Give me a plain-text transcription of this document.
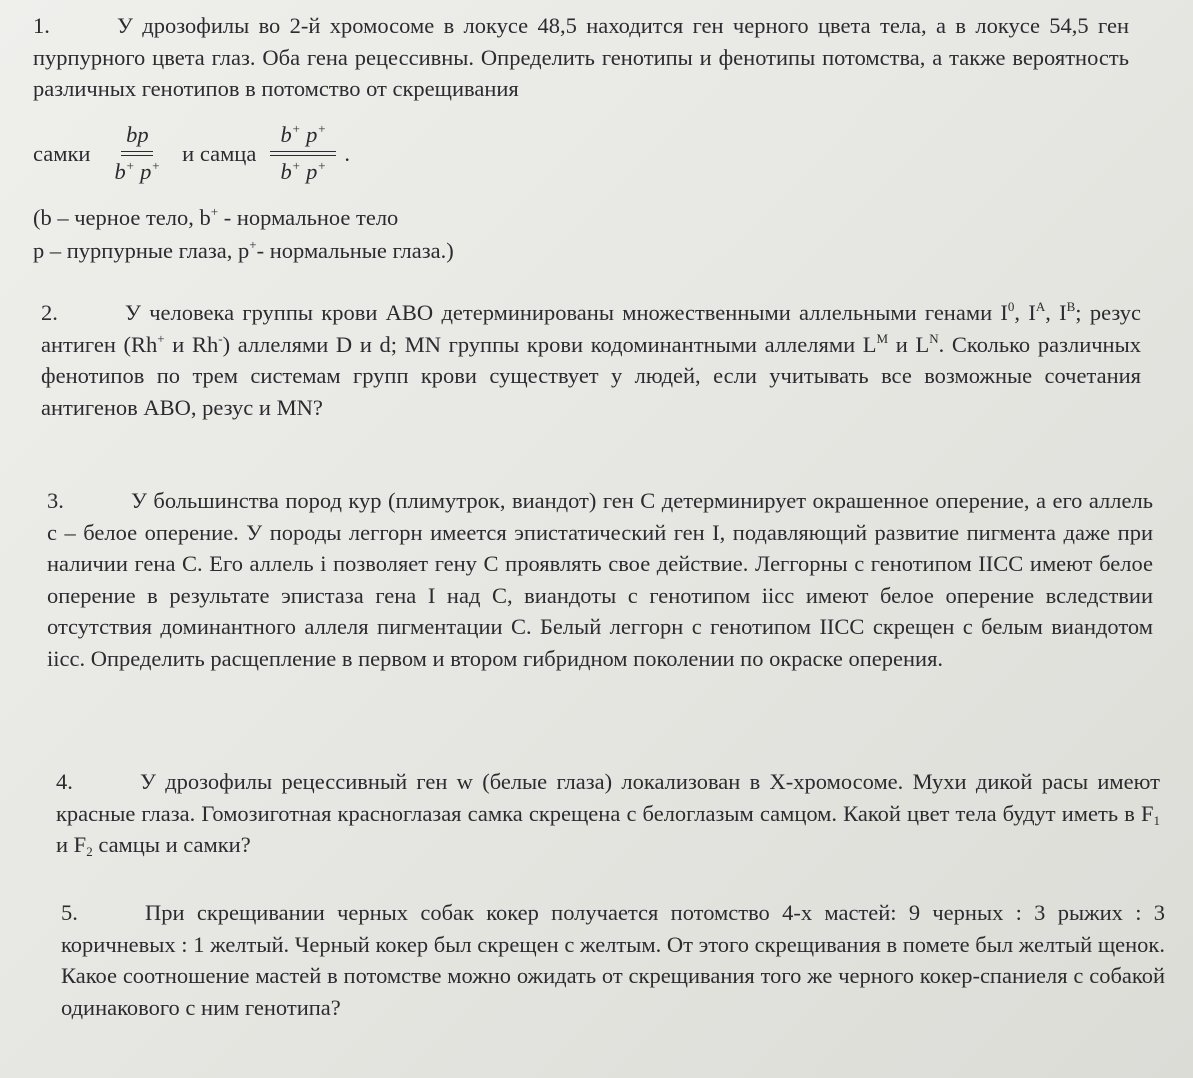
1.	У дрозофилы во 2-й хромосоме в локусе 48,5 находится ген черного цвета тела, а в локусе 54,5 ген пурпурного цвета глаз. Оба гена рецессивны. Определить генотипы и фенотипы потомства, а также вероятность различных генотипов в потомство от скрещивания

самки
bp
b+ p+ и самца
b+ p+
b+ p+ .

(b – черное тело, b+ - нормальное тело

p – пурпурные глаза, p+- нормальные глаза.)

2.	У человека группы крови АВО детерминированы множественными аллельными генами $I^0$, $I^A$, $I^B$; резус антиген (Rh+ и Rh-) аллелями D и d; MN группы крови кодоминантными аллелями $L^M$ и $L^N$. Сколько различных фенотипов по трем системам групп крови существует у людей, если учитывать все возможные сочетания антигенов АВО, резус и MN?

3.	У большинства пород кур (плимутрок, виандот) ген С детерминирует окрашенное оперение, а его аллель с – белое оперение. У породы леггорн имеется эпистатический ген I, подавляющий развитие пигмента даже при наличии гена С. Его аллель і позволяет гену С проявлять свое действие. Леггорны с генотипом IICC имеют белое оперение в результате эпистаза гена I над С, виандоты с генотипом iicc имеют белое оперение вследствии отсутствия доминантного аллеля пигментации С. Белый леггорн с генотипом IICC скрещен с белым виандотом iicc. Определить расщепление в первом и втором гибридном поколении по окраске оперения.

4.	У дрозофилы рецессивный ген w (белые глаза) локализован в Х-хромосоме. Мухи дикой расы имеют красные глаза. Гомозиготная красноглазая самка скрещена с белоглазым самцом. Какой цвет тела будут иметь в $F_1$ и $F_2$ самцы и самки?

5.	При скрещивании черных собак кокер получается потомство 4-х мастей: 9 черных : 3 рыжих : 3 коричневых : 1 желтый. Черный кокер был скрещен с желтым. От этого скрещивания в помете был желтый щенок. Какое соотношение мастей в потомстве можно ожидать от скрещивания того же черного кокер-спаниеля с собакой одинакового с ним генотипа?
